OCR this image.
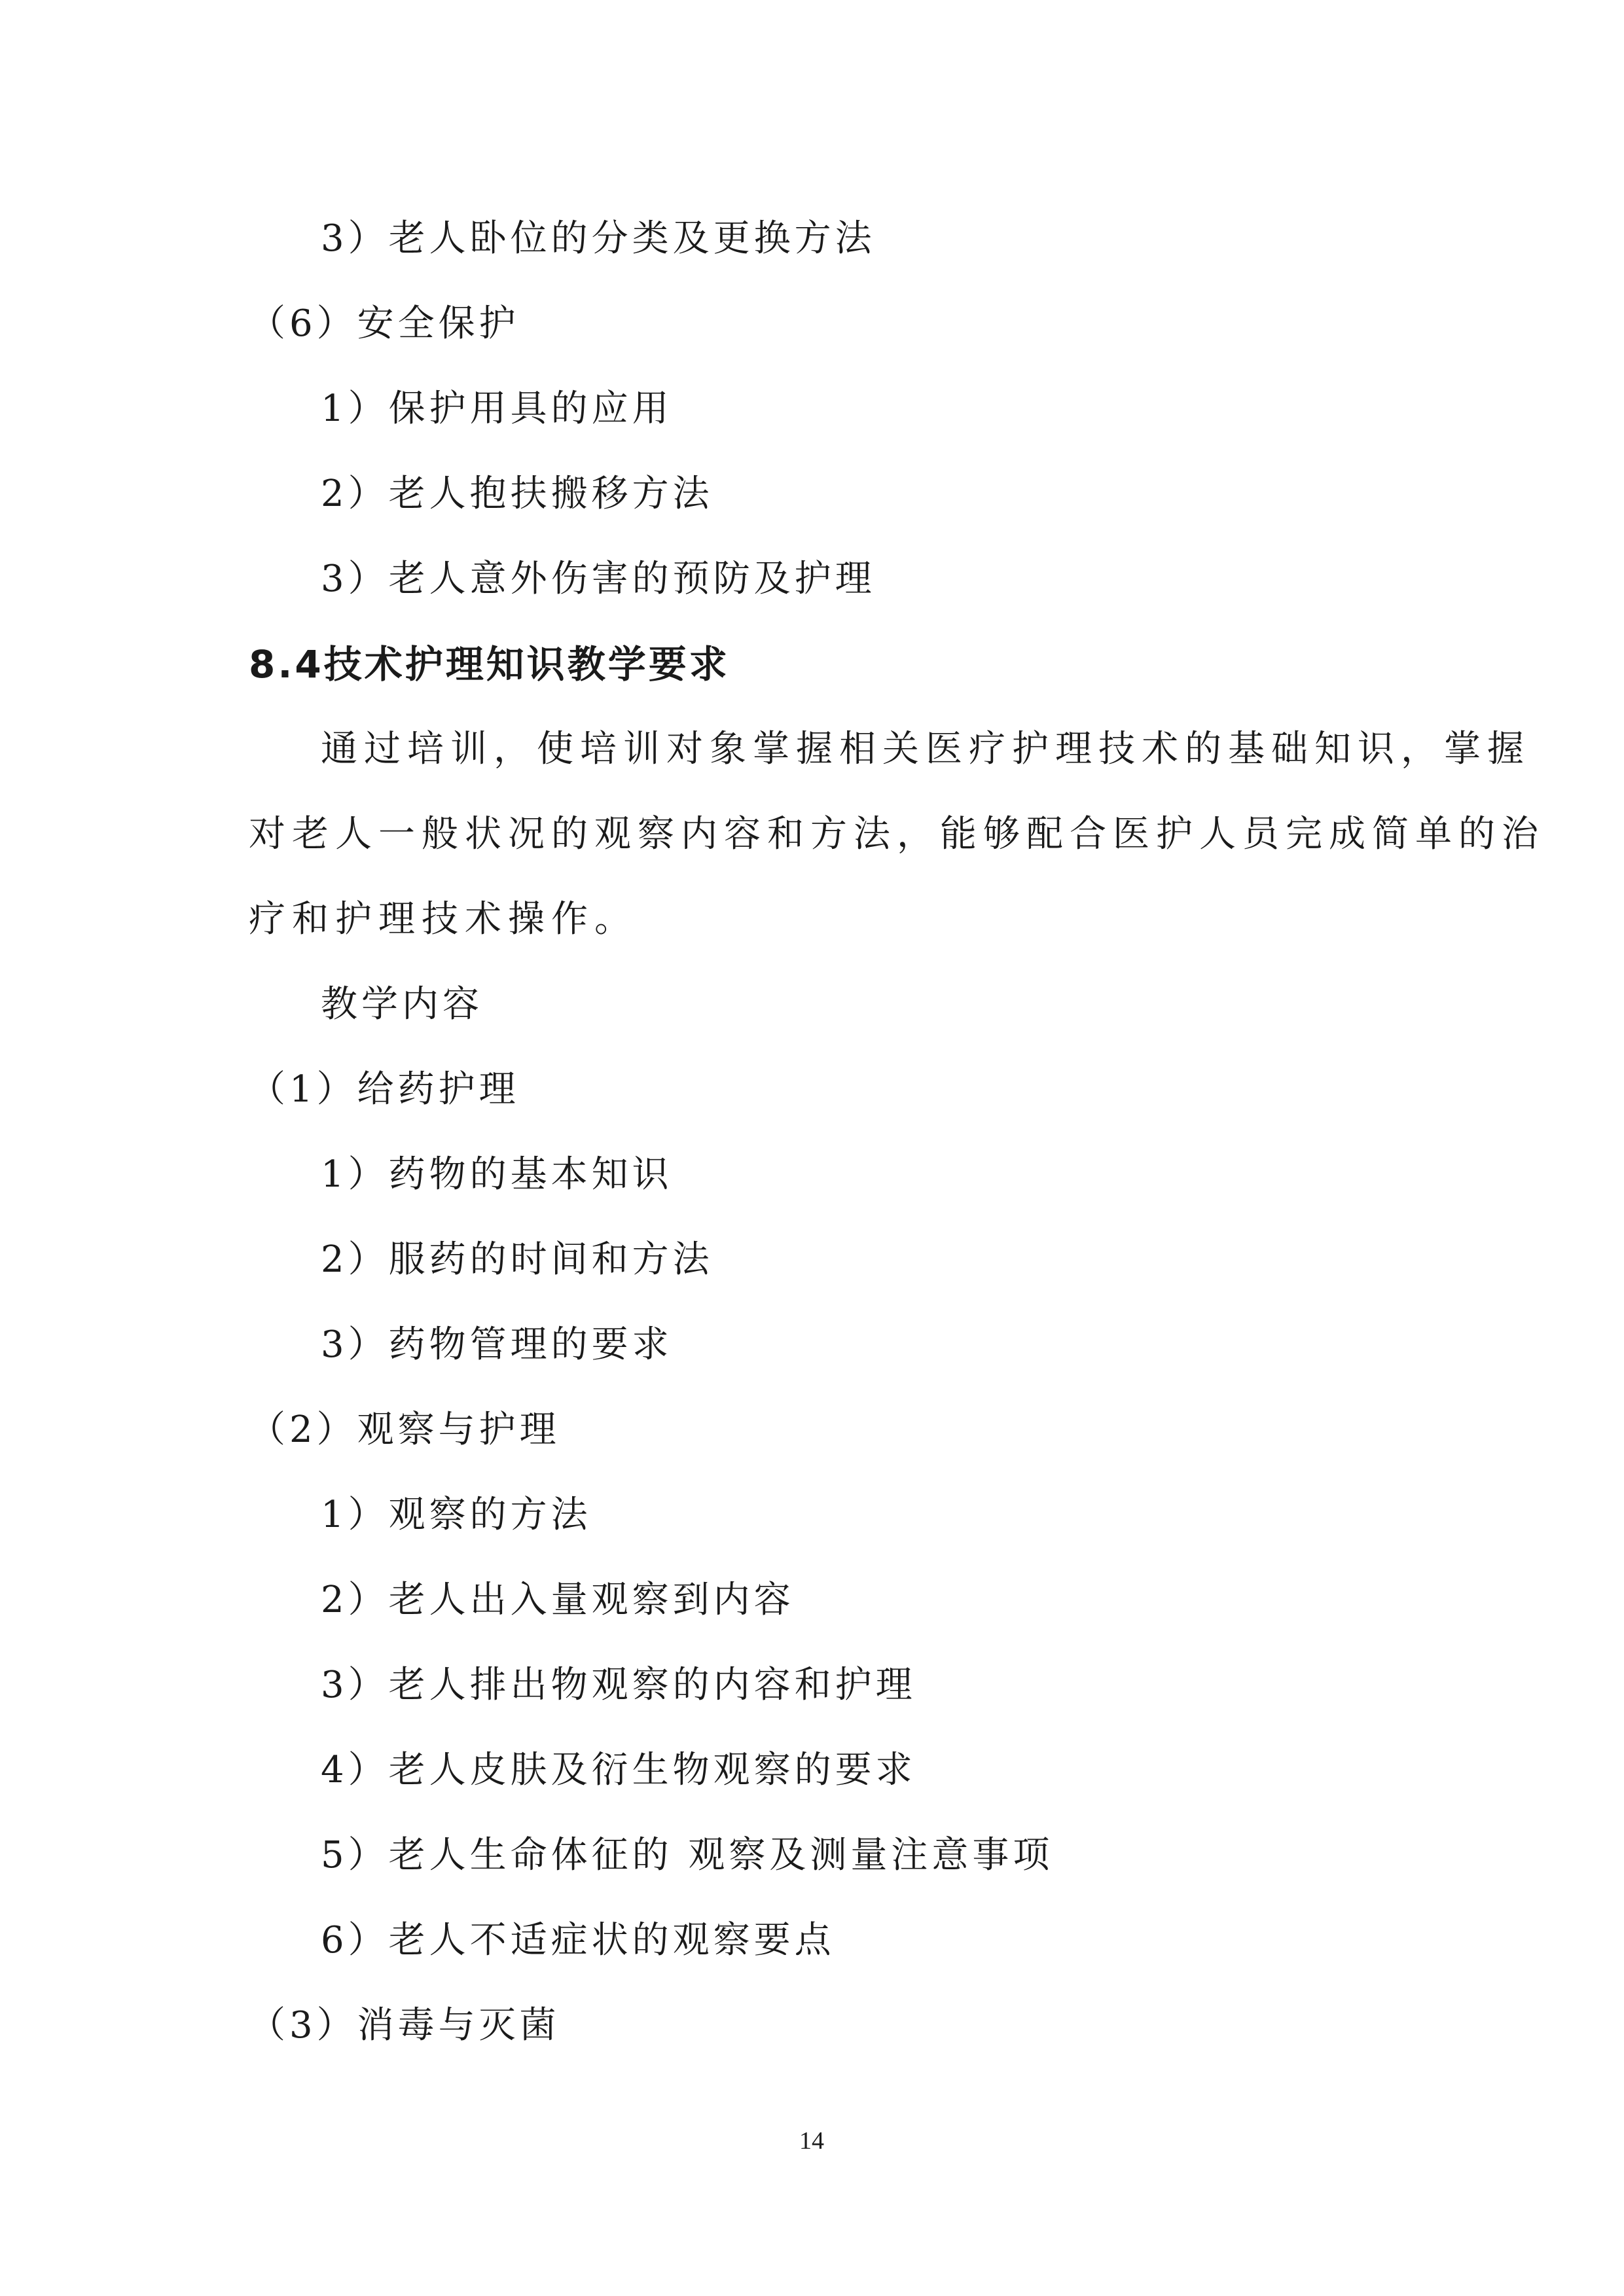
3）老人卧位的分类及更换方法
（6）安全保护
1）保护用具的应用
2）老人抱扶搬移方法
3）老人意外伤害的预防及护理
8.4技术护理知识教学要求
通过培训，使培训对象掌握相关医疗护理技术的基础知识，掌握
对老人一般状况的观察内容和方法，能够配合医护人员完成简单的治
疗和护理技术操作。
教学内容
（1）给药护理
1）药物的基本知识
2）服药的时间和方法
3）药物管理的要求
（2）观察与护理
1）观察的方法
2）老人出入量观察到内容
3）老人排出物观察的内容和护理
4）老人皮肤及衍生物观察的要求
5）老人生命体征的 观察及测量注意事项
6）老人不适症状的观察要点
（3）消毒与灭菌
14
